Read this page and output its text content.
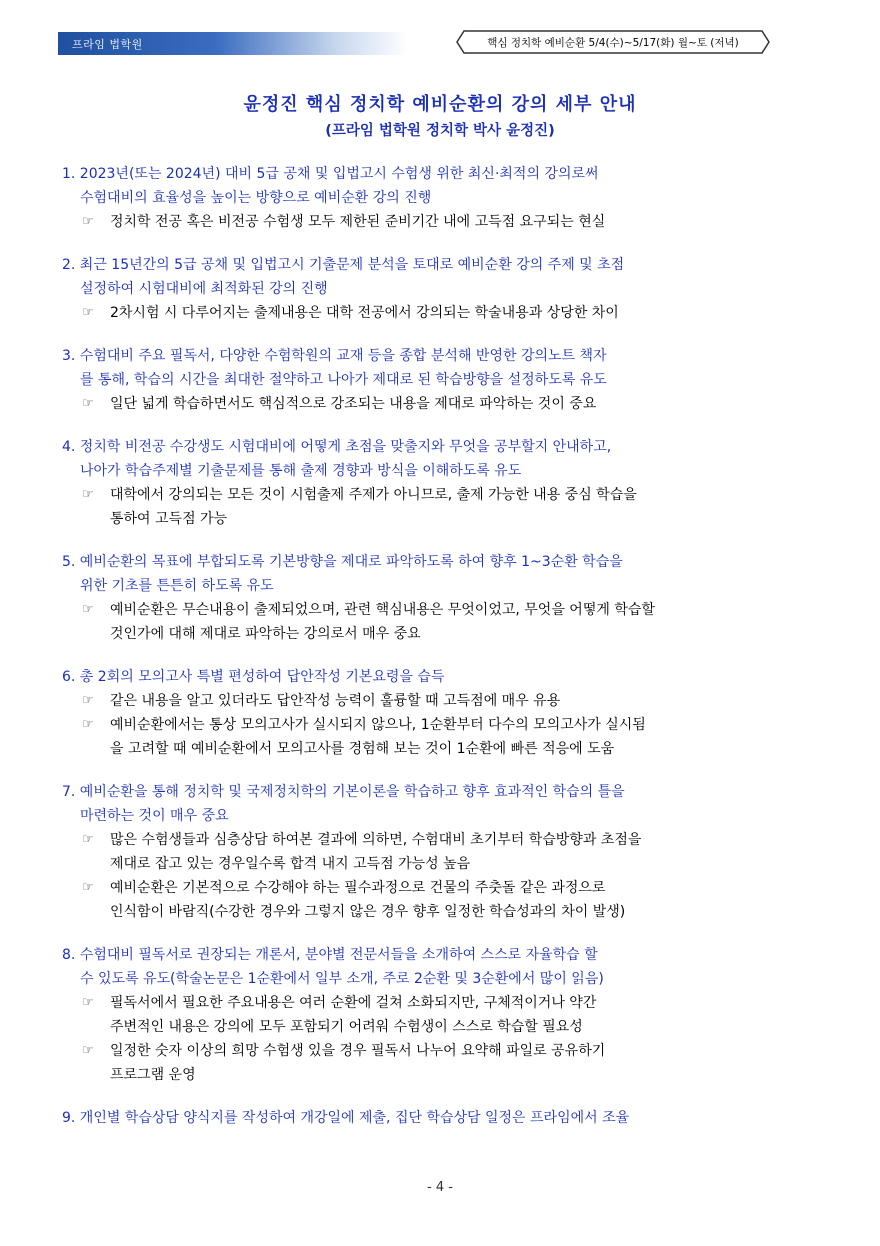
프라임 법학원	핵심 정치학 예비순환 5/4(수)~5/17(화) 월~토 (저녁)
윤정진 핵심 정치학 예비순환의 강의 세부 안내
(프라임 법학원 정치학 박사 윤정진)
1. 2023년(또는 2024년) 대비 5급 공채 및 입법고시 수험생 위한 최신·최적의 강의로써
수험대비의 효율성을 높이는 방향으로 예비순환 강의 진행
☞ 정치학 전공 혹은 비전공 수험생 모두 제한된 준비기간 내에 고득점 요구되는 현실
2. 최근 15년간의 5급 공채 및 입법고시 기출문제 분석을 토대로 예비순환 강의 주제 및 초점
설정하여 시험대비에 최적화된 강의 진행
☞ 2차시험 시 다루어지는 출제내용은 대학 전공에서 강의되는 학술내용과 상당한 차이
3. 수험대비 주요 필독서, 다양한 수험학원의 교재 등을 종합 분석해 반영한 강의노트 책자
를 통해, 학습의 시간을 최대한 절약하고 나아가 제대로 된 학습방향을 설정하도록 유도
☞ 일단 넓게 학습하면서도 핵심적으로 강조되는 내용을 제대로 파악하는 것이 중요
4. 정치학 비전공 수강생도 시험대비에 어떻게 초점을 맞출지와 무엇을 공부할지 안내하고,
나아가 학습주제별 기출문제를 통해 출제 경향과 방식을 이해하도록 유도
☞ 대학에서 강의되는 모든 것이 시험출제 주제가 아니므로, 출제 가능한 내용 중심 학습을
통하여 고득점 가능
5. 예비순환의 목표에 부합되도록 기본방향을 제대로 파악하도록 하여 향후 1~3순환 학습을
위한 기초를 튼튼히 하도록 유도
☞ 예비순환은 무슨내용이 출제되었으며, 관련 핵심내용은 무엇이었고, 무엇을 어떻게 학습할
것인가에 대해 제대로 파악하는 강의로서 매우 중요
6. 총 2회의 모의고사 특별 편성하여 답안작성 기본요령을 습득
☞ 같은 내용을 알고 있더라도 답안작성 능력이 훌륭할 때 고득점에 매우 유용
☞ 예비순환에서는 통상 모의고사가 실시되지 않으나, 1순환부터 다수의 모의고사가 실시됨
을 고려할 때 예비순환에서 모의고사를 경험해 보는 것이 1순환에 빠른 적응에 도움
7. 예비순환을 통해 정치학 및 국제정치학의 기본이론을 학습하고 향후 효과적인 학습의 틀을
마련하는 것이 매우 중요
☞ 많은 수험생들과 심층상담 하여본 결과에 의하면, 수험대비 초기부터 학습방향과 초점을
제대로 잡고 있는 경우일수록 합격 내지 고득점 가능성 높음
☞ 예비순환은 기본적으로 수강해야 하는 필수과정으로 건물의 주춧돌 같은 과정으로
인식함이 바람직(수강한 경우와 그렇지 않은 경우 향후 일정한 학습성과의 차이 발생)
8. 수험대비 필독서로 권장되는 개론서, 분야별 전문서들을 소개하여 스스로 자율학습 할
수 있도록 유도(학술논문은 1순환에서 일부 소개, 주로 2순환 및 3순환에서 많이 읽음)
☞ 필독서에서 필요한 주요내용은 여러 순환에 걸쳐 소화되지만, 구체적이거나 약간
주변적인 내용은 강의에 모두 포함되기 어려워 수험생이 스스로 학습할 필요성
☞ 일정한 숫자 이상의 희망 수험생 있을 경우 필독서 나누어 요약해 파일로 공유하기
프로그램 운영
9. 개인별 학습상담 양식지를 작성하여 개강일에 제출, 집단 학습상담 일정은 프라임에서 조율
- 4 -
